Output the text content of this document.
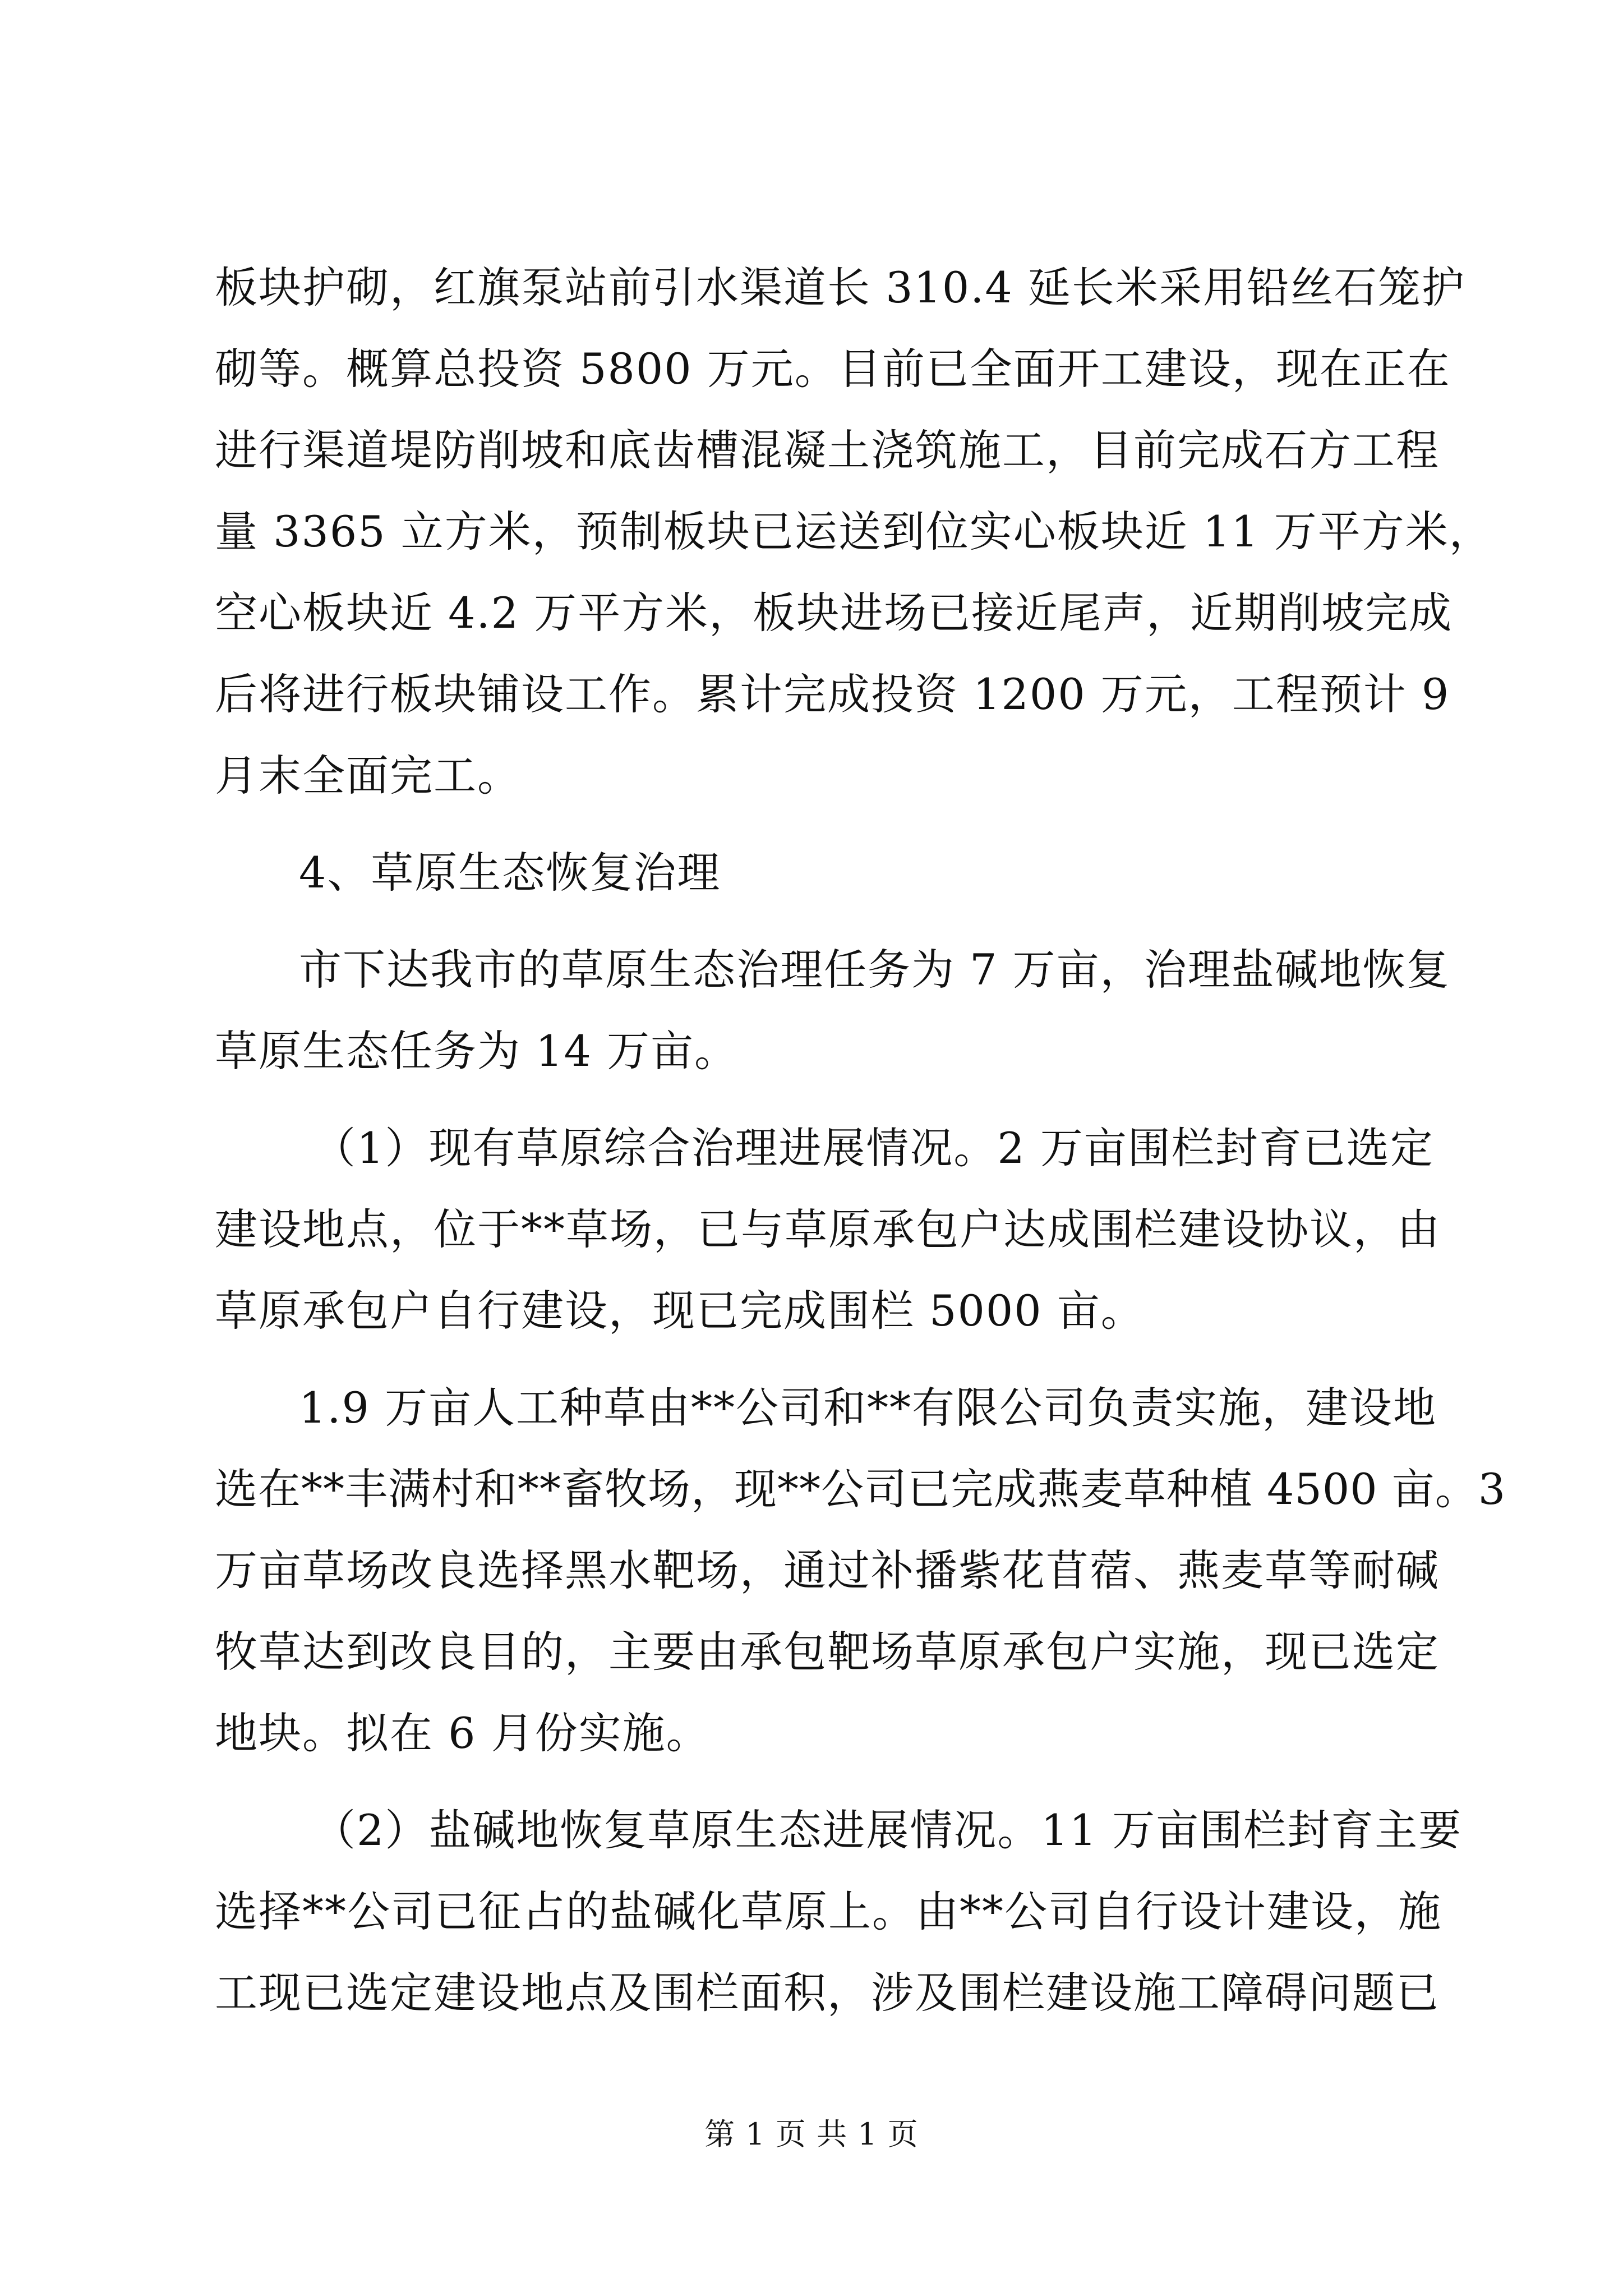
板块护砌，红旗泵站前引水渠道长 310.4 延长米采用铅丝石笼护
砌等。概算总投资 5800 万元。目前已全面开工建设，现在正在
进行渠道堤防削坡和底齿槽混凝土浇筑施工，目前完成石方工程
量 3365 立方米，预制板块已运送到位实心板块近 11 万平方米，
空心板块近 4.2 万平方米，板块进场已接近尾声，近期削坡完成
后将进行板块铺设工作。累计完成投资 1200 万元，工程预计 9
月末全面完工。
4、草原生态恢复治理
市下达我市的草原生态治理任务为 7 万亩，治理盐碱地恢复
草原生态任务为 14 万亩。
（1）现有草原综合治理进展情况。2 万亩围栏封育已选定
建设地点，位于**草场，已与草原承包户达成围栏建设协议，由
草原承包户自行建设，现已完成围栏 5000 亩。
1.9 万亩人工种草由**公司和**有限公司负责实施，建设地
选在**丰满村和**畜牧场，现**公司已完成燕麦草种植 4500 亩。3
万亩草场改良选择黑水靶场，通过补播紫花苜蓿、燕麦草等耐碱
牧草达到改良目的，主要由承包靶场草原承包户实施，现已选定
地块。拟在 6 月份实施。
（2）盐碱地恢复草原生态进展情况。11 万亩围栏封育主要
选择**公司已征占的盐碱化草原上。由**公司自行设计建设，施
工现已选定建设地点及围栏面积，涉及围栏建设施工障碍问题已
第 1 页 共 1 页
